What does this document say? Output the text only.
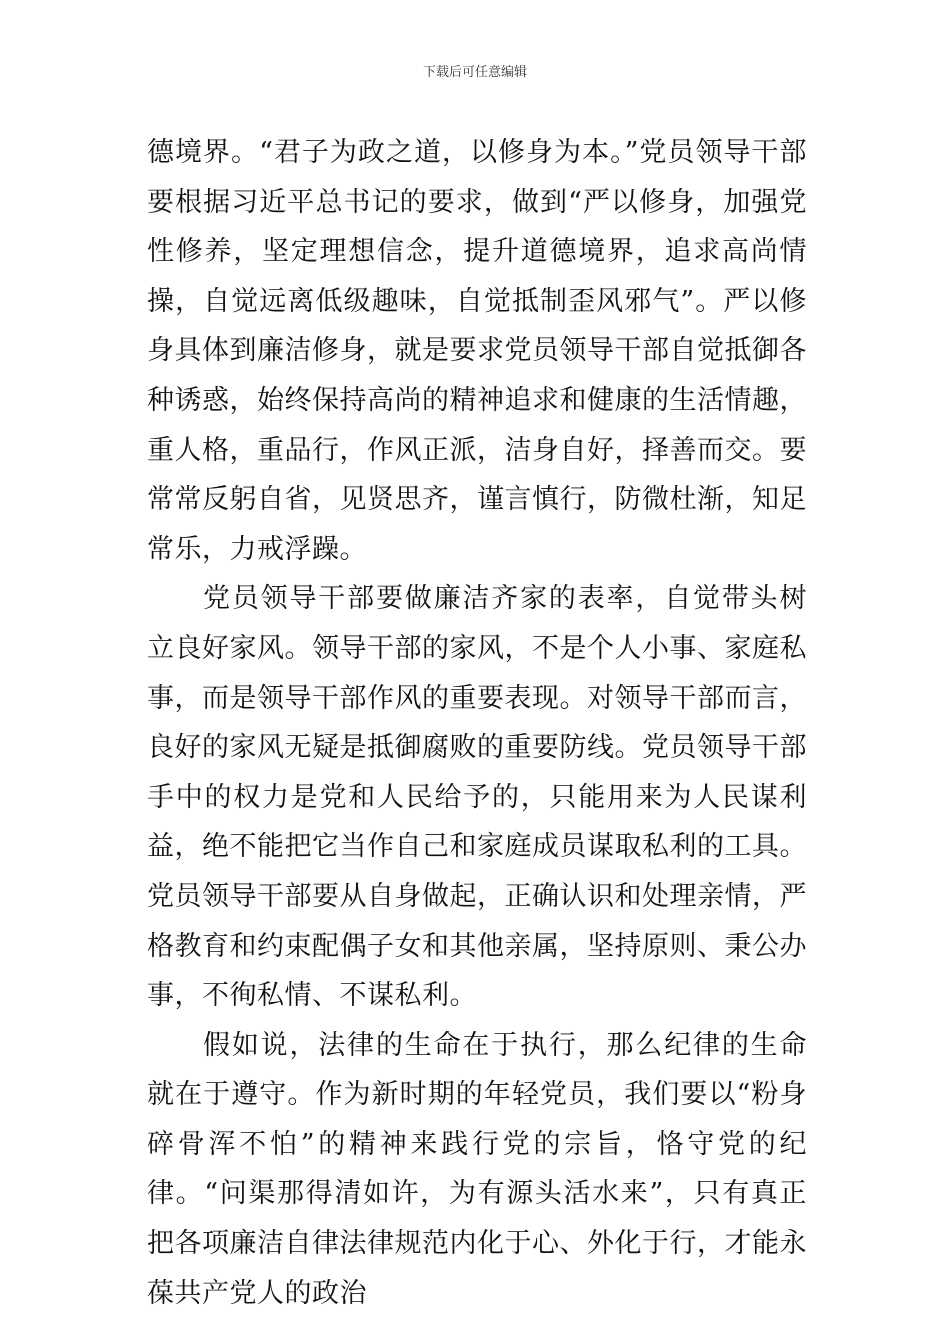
下载后可任意编辑

德境界。“君子为政之道，以修身为本。”党员领导干部要根据习近平总书记的要求，做到“严以修身，加强党性修养，坚定理想信念，提升道德境界，追求高尚情操，自觉远离低级趣味，自觉抵制歪风邪气”。严以修身具体到廉洁修身，就是要求党员领导干部自觉抵御各种诱惑，始终保持高尚的精神追求和健康的生活情趣，重人格，重品行，作风正派，洁身自好，择善而交。要常常反躬自省，见贤思齐，谨言慎行，防微杜渐，知足常乐，力戒浮躁。

党员领导干部要做廉洁齐家的表率，自觉带头树立良好家风。领导干部的家风，不是个人小事、家庭私事，而是领导干部作风的重要表现。对领导干部而言，良好的家风无疑是抵御腐败的重要防线。党员领导干部手中的权力是党和人民给予的，只能用来为人民谋利益，绝不能把它当作自己和家庭成员谋取私利的工具。党员领导干部要从自身做起，正确认识和处理亲情，严格教育和约束配偶子女和其他亲属，坚持原则、秉公办事，不徇私情、不谋私利。

假如说，法律的生命在于执行，那么纪律的生命就在于遵守。作为新时期的年轻党员，我们要以“粉身碎骨浑不怕”的精神来践行党的宗旨，恪守党的纪律。“问渠那得清如许，为有源头活水来”，只有真正把各项廉洁自律法律规范内化于心、外化于行，才能永葆共产党人的政治
